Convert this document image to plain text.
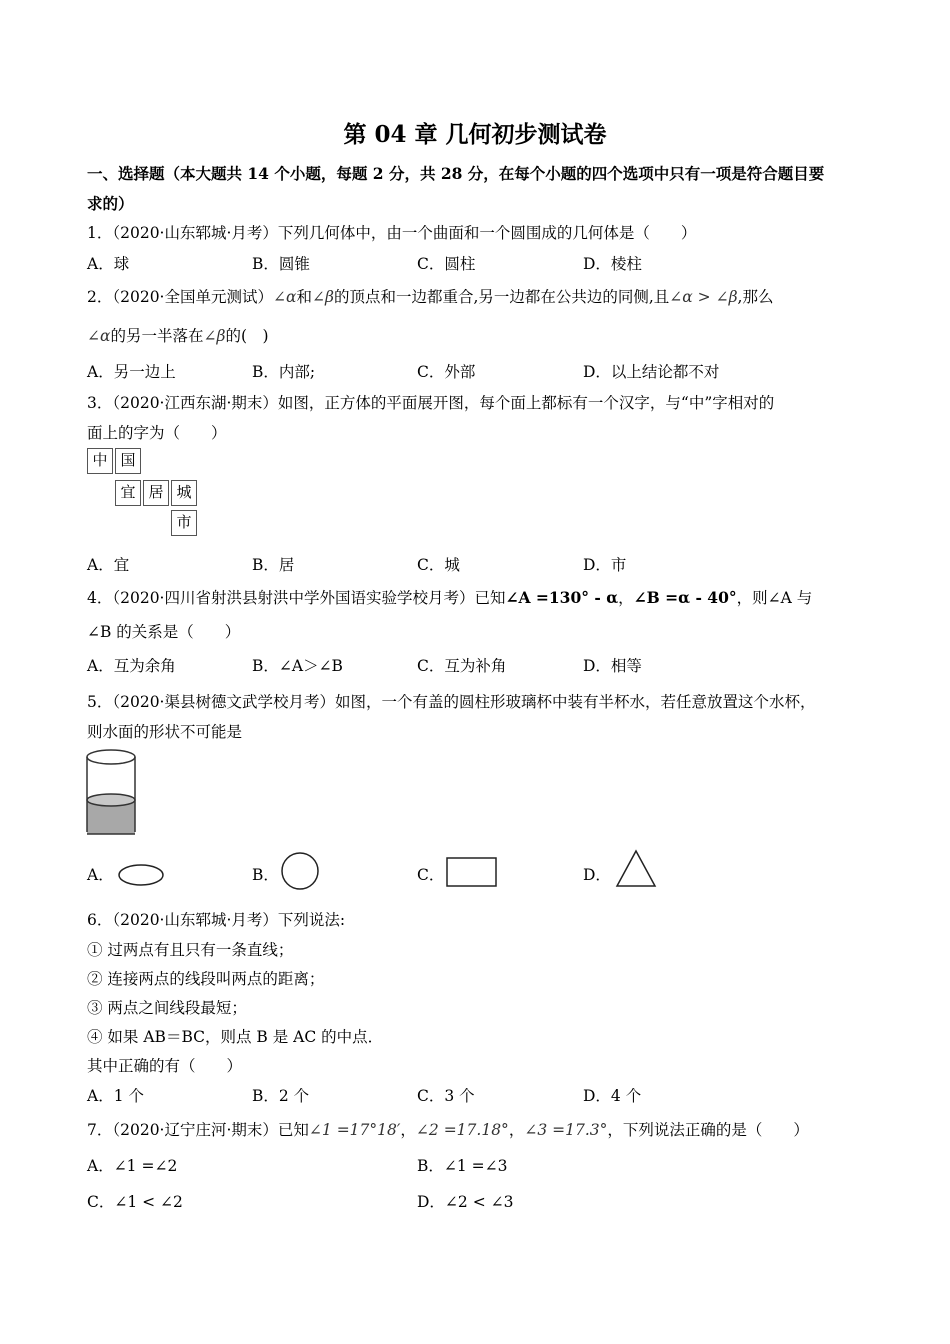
第 04 章 几何初步测试卷
一、选择题（本大题共 14 个小题，每题 2 分，共 28 分，在每个小题的四个选项中只有一项是符合题目要
求的）
1．（2020·山东郓城·月考）下列几何体中，由一个曲面和一个圆围成的几何体是（　　）
A．球	B．圆锥	C．圆柱	D．棱柱
2．（2020·全国单元测试）∠α和∠β的顶点和一边都重合,另一边都在公共边的同侧,且∠α > ∠β,那么
∠α的另一半落在∠β的(　)
A．另一边上	B．内部;	C．外部	D．以上结论都不对
3．（2020·江西东湖·期末）如图，正方体的平面展开图，每个面上都标有一个汉字，与“中”字相对的
面上的字为（　　）
中 国
宜 居 城
市
A．宜	B．居	C．城	D．市
4．（2020·四川省射洪县射洪中学外国语实验学校月考）已知∠A =130° - α，∠B =α - 40°，则∠A 与
∠B 的关系是（　　）
A．互为余角	B．∠A＞∠B	C．互为补角	D．相等
5．（2020·渠县树德文武学校月考）如图，一个有盖的圆柱形玻璃杯中装有半杯水，若任意放置这个水杯，
则水面的形状不可能是
A．	B．	C．	D．
6．（2020·山东郓城·月考）下列说法:
① 过两点有且只有一条直线；
② 连接两点的线段叫两点的距离；
③ 两点之间线段最短；
④ 如果 AB＝BC，则点 B 是 AC 的中点．
其中正确的有（　　）
A．1 个	B．2 个	C．3 个	D．4 个
7．（2020·辽宁庄河·期末）已知∠1 =17°18′，∠2 =17.18°，∠3 =17.3°，下列说法正确的是（　　）
A．∠1 =∠2	B．∠1 =∠3
C．∠1 < ∠2	D．∠2 < ∠3
